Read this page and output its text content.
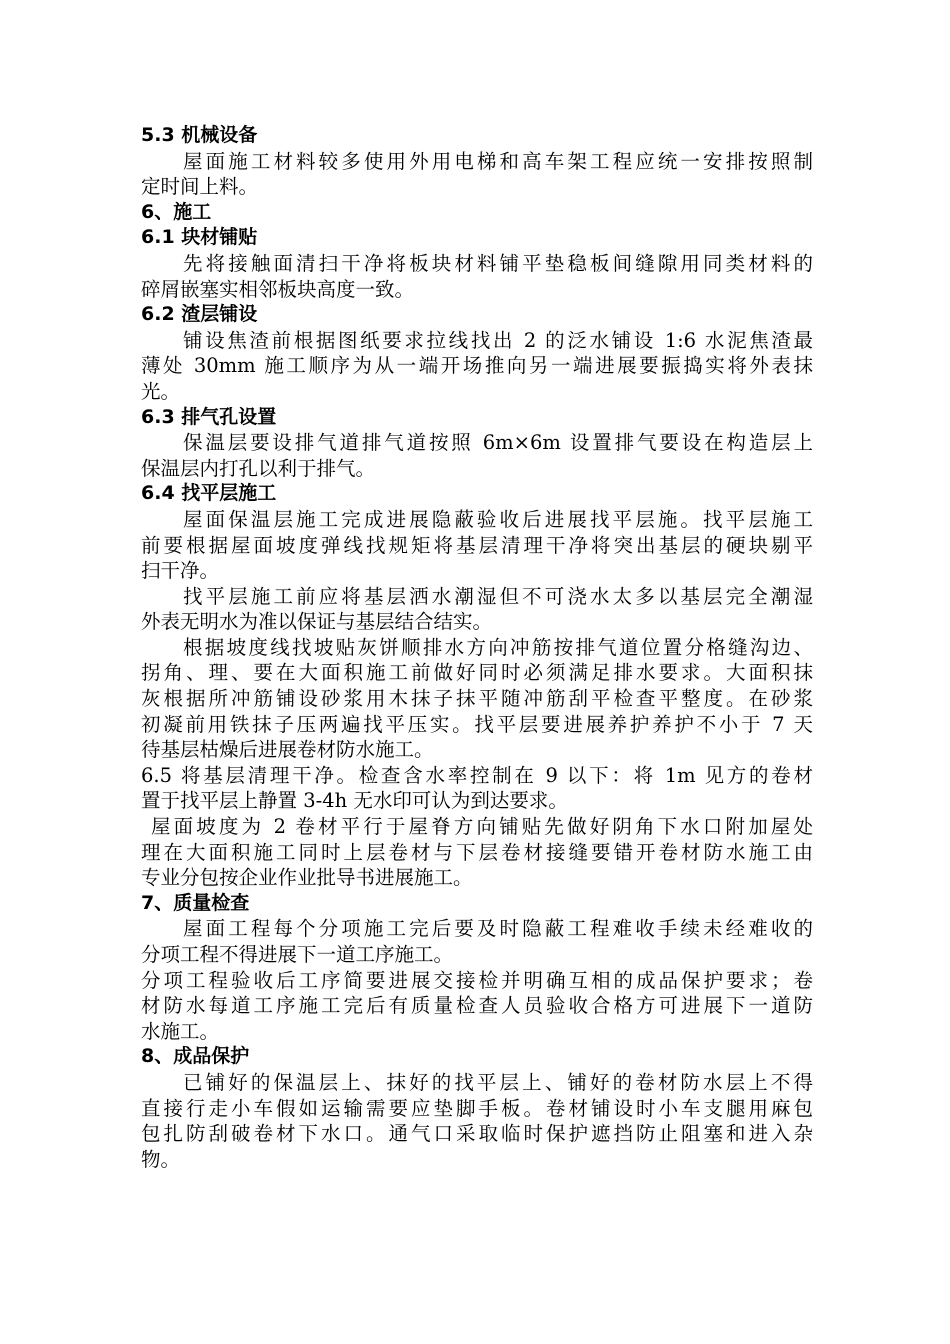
5.3 机械设备
屋面施工材料较多使用外用电梯和高车架工程应统一安排按照制
定时间上料。
6、施工
6.1 块材铺贴
先将接触面清扫干净将板块材料铺平垫稳板间缝隙用同类材料的
碎屑嵌塞实相邻板块高度一致。
6.2 渣层铺设
铺设焦渣前根据图纸要求拉线找出 2 的泛水铺设 1:6 水泥焦渣最
薄处 30mm 施工顺序为从一端开场推向另一端进展要振捣实将外表抹
光。
6.3 排气孔设置
保温层要设排气道排气道按照 6m×6m 设置排气要设在构造层上
保温层内打孔以利于排气。
6.4 找平层施工
屋面保温层施工完成进展隐蔽验收后进展找平层施。找平层施工
前要根据屋面坡度弹线找规矩将基层清理干净将突出基层的硬块剔平
扫干净。
找平层施工前应将基层洒水潮湿但不可浇水太多以基层完全潮湿
外表无明水为准以保证与基层结合结实。
根据坡度线找坡贴灰饼顺排水方向冲筋按排气道位置分格缝沟边、
拐角、理、要在大面积施工前做好同时必须满足排水要求。大面积抹
灰根据所冲筋铺设砂浆用木抹子抹平随冲筋刮平检查平整度。在砂浆
初凝前用铁抹子压两遍找平压实。找平层要进展养护养护不小于 7 天
待基层枯燥后进展卷材防水施工。
6.5 将基层清理干净。检查含水率控制在 9 以下：将 1m 见方的卷材
置于找平层上静置 3-4h 无水印可认为到达要求。
屋面坡度为 2 卷材平行于屋脊方向铺贴先做好阴角下水口附加屋处
理在大面积施工同时上层卷材与下层卷材接缝要错开卷材防水施工由
专业分包按企业作业批导书进展施工。
7、质量检查
屋面工程每个分项施工完后要及时隐蔽工程难收手续未经难收的
分项工程不得进展下一道工序施工。
分项工程验收后工序简要进展交接检并明确互相的成品保护要求；卷
材防水每道工序施工完后有质量检查人员验收合格方可进展下一道防
水施工。
8、成品保护
已铺好的保温层上、抹好的找平层上、铺好的卷材防水层上不得
直接行走小车假如运输需要应垫脚手板。卷材铺设时小车支腿用麻包
包扎防刮破卷材下水口。通气口采取临时保护遮挡防止阻塞和进入杂
物。
